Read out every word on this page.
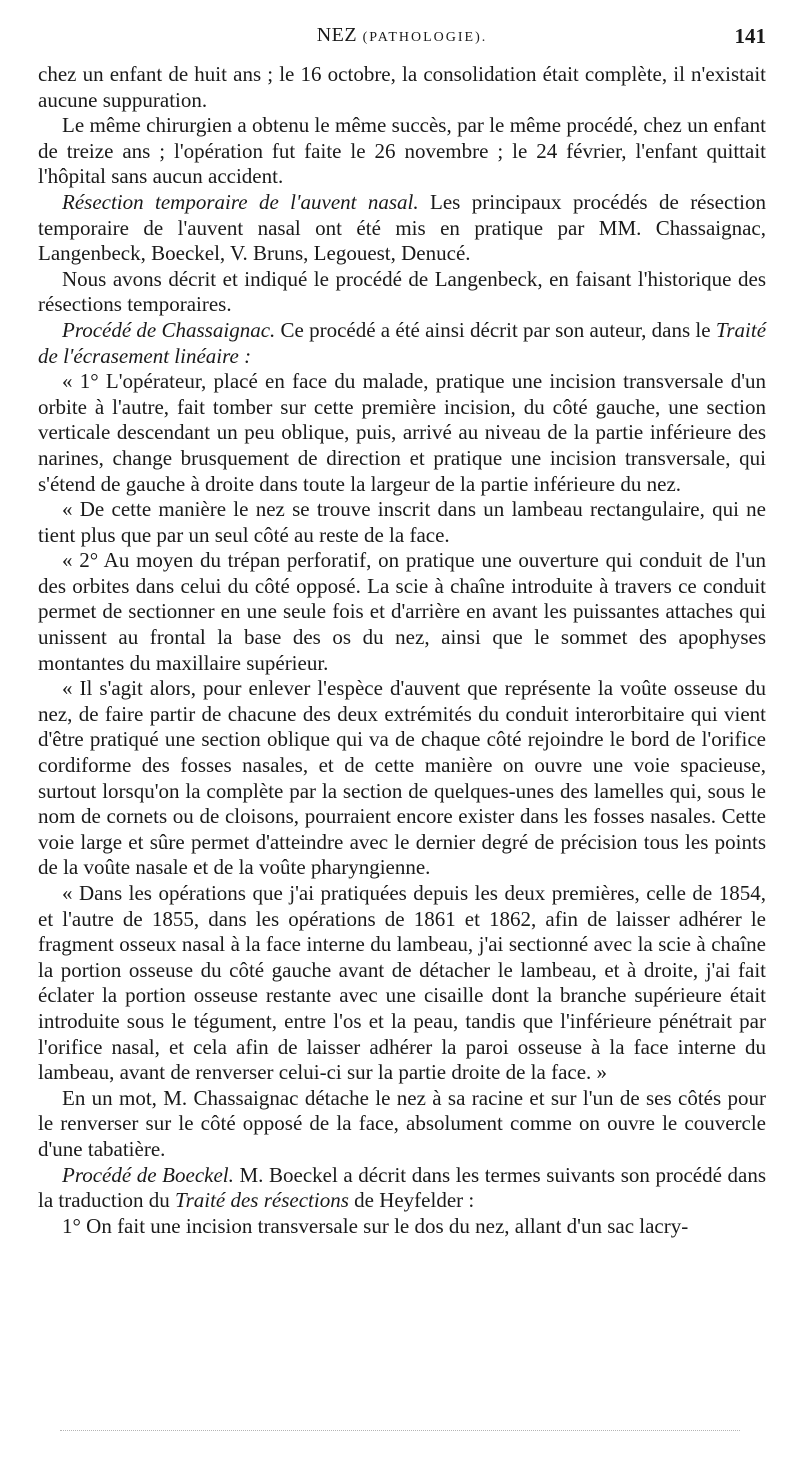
NEZ (PATHOLOGIE).	141

chez un enfant de huit ans ; le 16 octobre, la consolidation était complète, il n'existait aucune suppuration.

Le même chirurgien a obtenu le même succès, par le même procédé, chez un enfant de treize ans ; l'opération fut faite le 26 novembre ; le 24 février, l'enfant quittait l'hôpital sans aucun accident.

Résection temporaire de l'auvent nasal. Les principaux procédés de résection temporaire de l'auvent nasal ont été mis en pratique par MM. Chassaignac, Langenbeck, Boeckel, V. Bruns, Legouest, Denucé.

Nous avons décrit et indiqué le procédé de Langenbeck, en faisant l'historique des résections temporaires.

Procédé de Chassaignac. Ce procédé a été ainsi décrit par son auteur, dans le Traité de l'écrasement linéaire :

« 1° L'opérateur, placé en face du malade, pratique une incision transversale d'un orbite à l'autre, fait tomber sur cette première incision, du côté gauche, une section verticale descendant un peu oblique, puis, arrivé au niveau de la partie inférieure des narines, change brusquement de direction et pratique une incision transversale, qui s'étend de gauche à droite dans toute la largeur de la partie inférieure du nez.

« De cette manière le nez se trouve inscrit dans un lambeau rectangulaire, qui ne tient plus que par un seul côté au reste de la face.

« 2° Au moyen du trépan perforatif, on pratique une ouverture qui conduit de l'un des orbites dans celui du côté opposé. La scie à chaîne introduite à travers ce conduit permet de sectionner en une seule fois et d'arrière en avant les puissantes attaches qui unissent au frontal la base des os du nez, ainsi que le sommet des apophyses montantes du maxillaire supérieur.

« Il s'agit alors, pour enlever l'espèce d'auvent que représente la voûte osseuse du nez, de faire partir de chacune des deux extrémités du conduit interorbitaire qui vient d'être pratiqué une section oblique qui va de chaque côté rejoindre le bord de l'orifice cordiforme des fosses nasales, et de cette manière on ouvre une voie spacieuse, surtout lorsqu'on la complète par la section de quelques-unes des lamelles qui, sous le nom de cornets ou de cloisons, pourraient encore exister dans les fosses nasales. Cette voie large et sûre permet d'atteindre avec le dernier degré de précision tous les points de la voûte nasale et de la voûte pharyngienne.

« Dans les opérations que j'ai pratiquées depuis les deux premières, celle de 1854, et l'autre de 1855, dans les opérations de 1861 et 1862, afin de laisser adhérer le fragment osseux nasal à la face interne du lambeau, j'ai sectionné avec la scie à chaîne la portion osseuse du côté gauche avant de détacher le lambeau, et à droite, j'ai fait éclater la portion osseuse restante avec une cisaille dont la branche supérieure était introduite sous le tégument, entre l'os et la peau, tandis que l'inférieure pénétrait par l'orifice nasal, et cela afin de laisser adhérer la paroi osseuse à la face interne du lambeau, avant de renverser celui-ci sur la partie droite de la face. »

En un mot, M. Chassaignac détache le nez à sa racine et sur l'un de ses côtés pour le renverser sur le côté opposé de la face, absolument comme on ouvre le couvercle d'une tabatière.

Procédé de Boeckel. M. Boeckel a décrit dans les termes suivants son procédé dans la traduction du Traité des résections de Heyfelder :

1° On fait une incision transversale sur le dos du nez, allant d'un sac lacry-
